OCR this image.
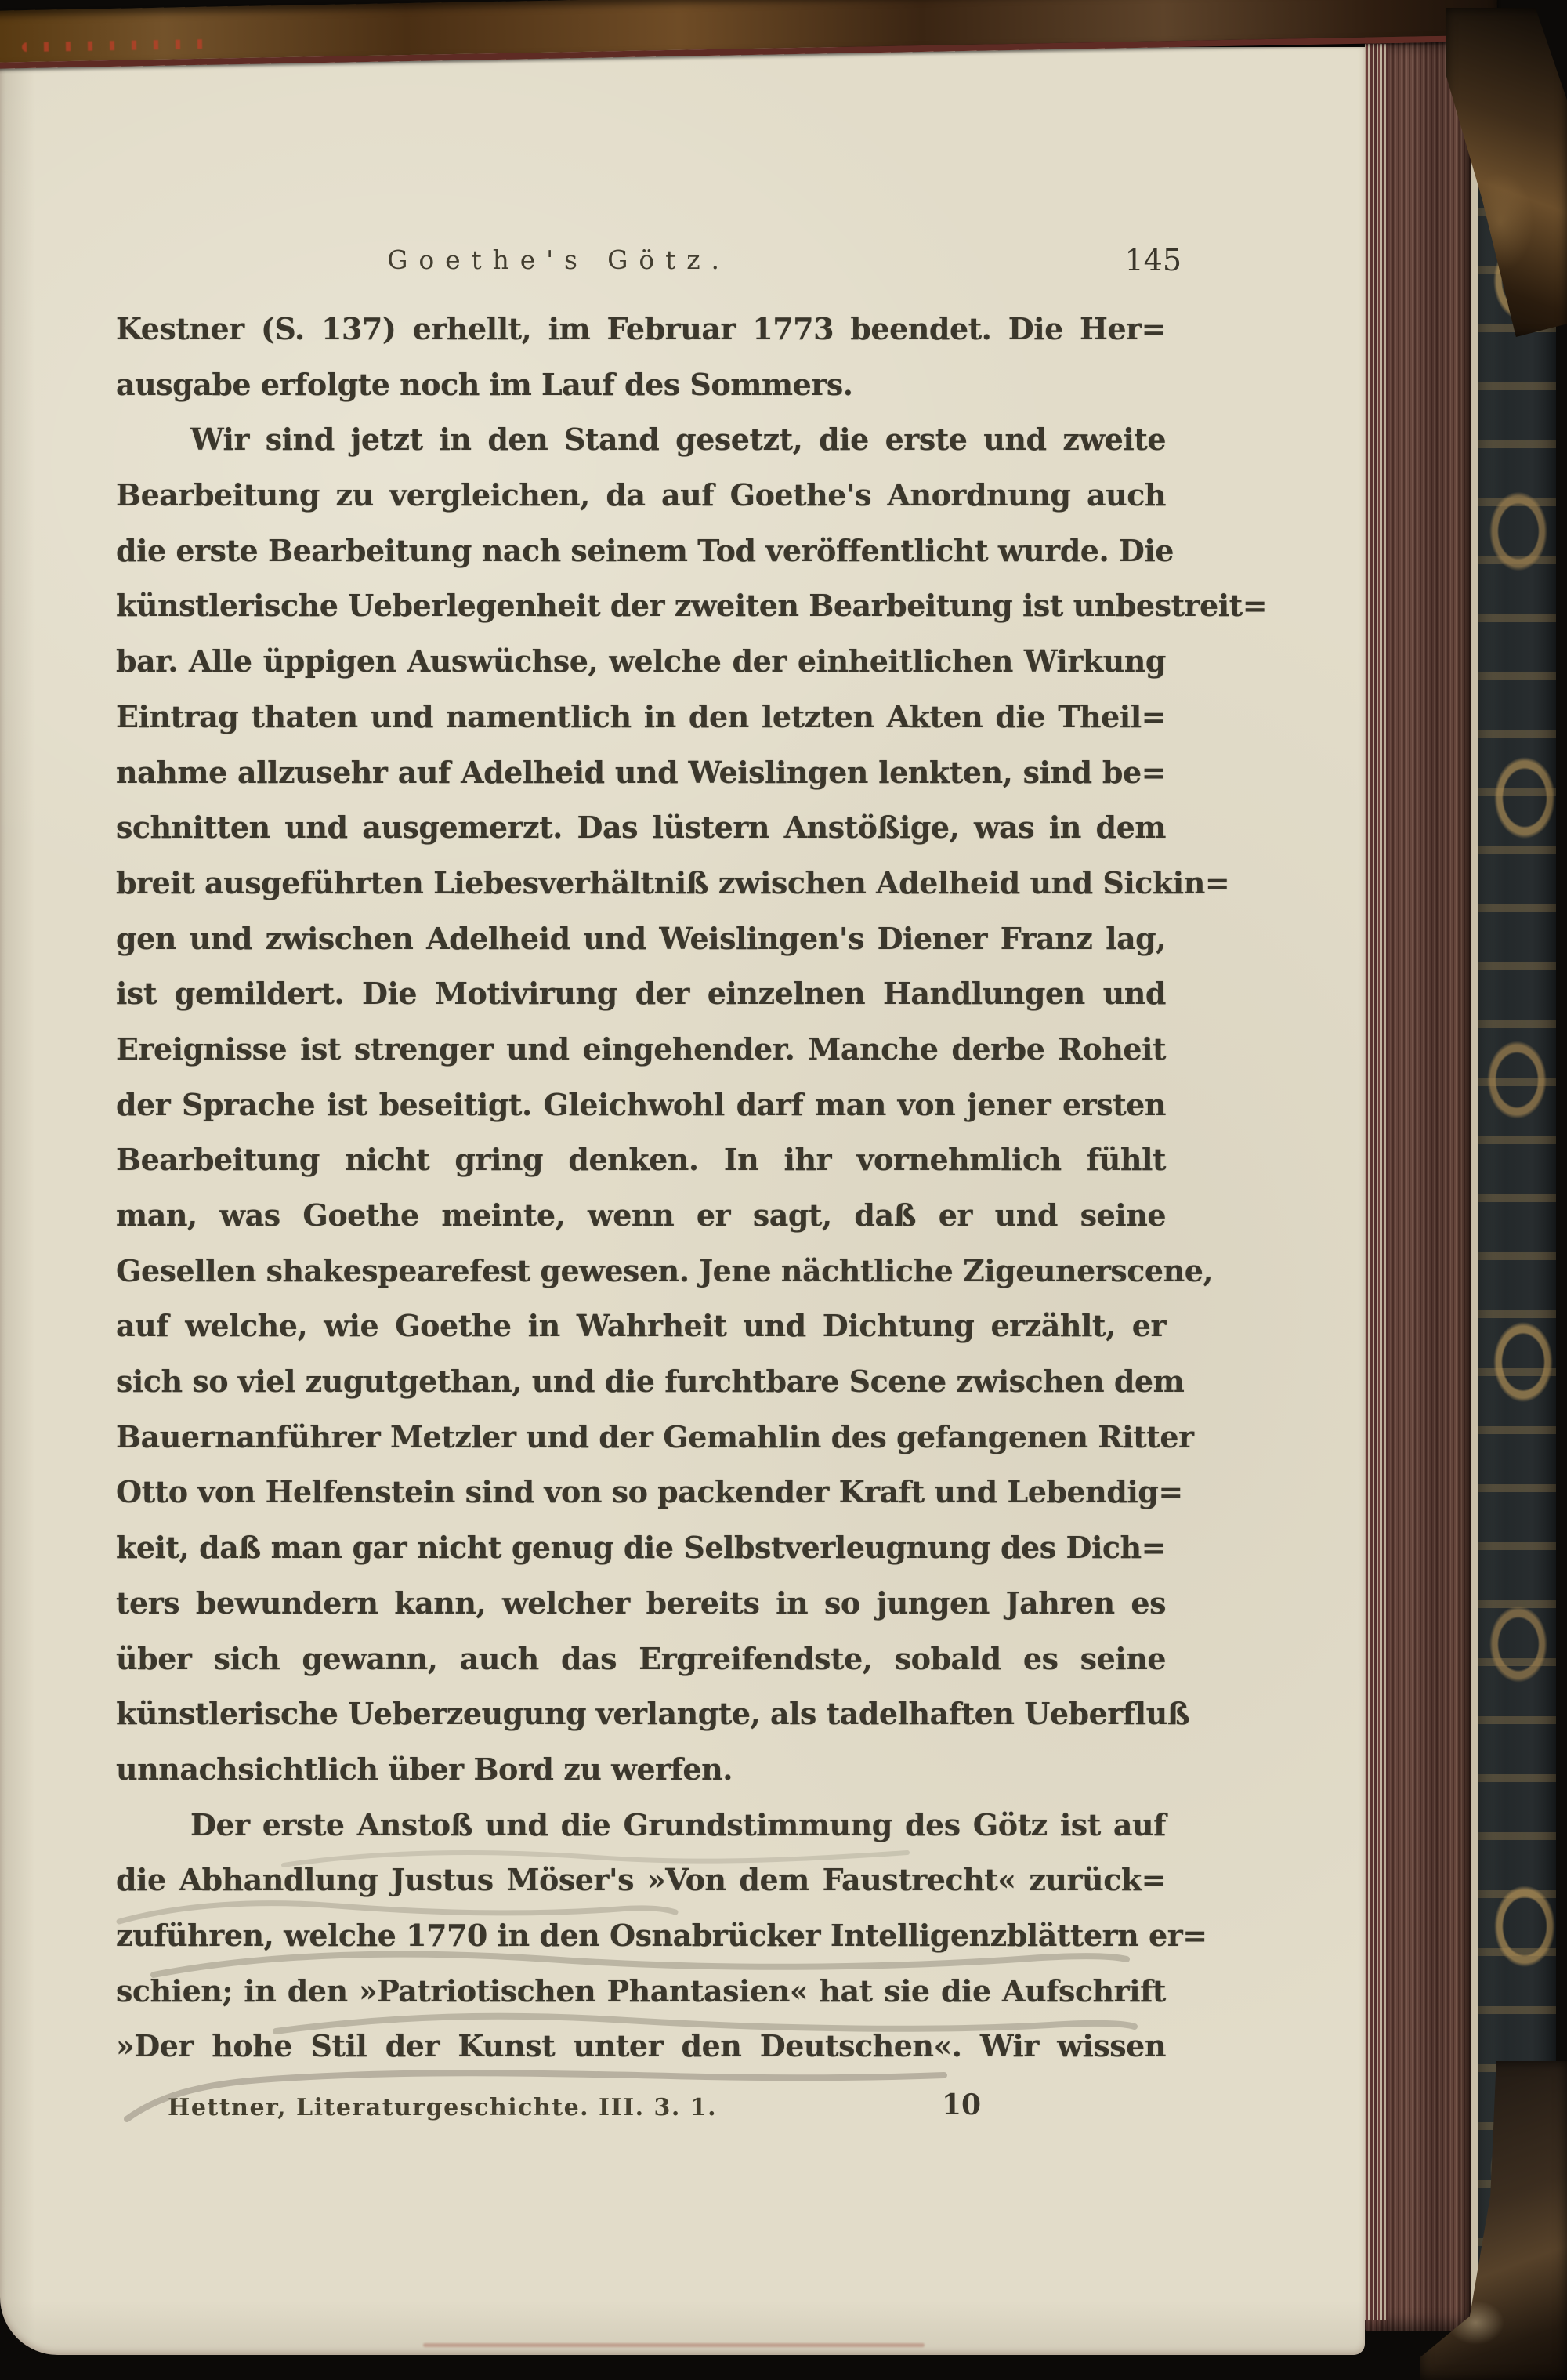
Goethe's Götz.	145
Kestner (S. 137) erhellt, im Februar 1773 beendet. Die Her=
ausgabe erfolgte noch im Lauf des Sommers.
Wir sind jetzt in den Stand gesetzt, die erste und zweite
Bearbeitung zu vergleichen, da auf Goethe's Anordnung auch
die erste Bearbeitung nach seinem Tod veröffentlicht wurde. Die
künstlerische Ueberlegenheit der zweiten Bearbeitung ist unbestreit=
bar. Alle üppigen Auswüchse, welche der einheitlichen Wirkung
Eintrag thaten und namentlich in den letzten Akten die Theil=
nahme allzusehr auf Adelheid und Weislingen lenkten, sind be=
schnitten und ausgemerzt. Das lüstern Anstößige, was in dem
breit ausgeführten Liebesverhältniß zwischen Adelheid und Sickin=
gen und zwischen Adelheid und Weislingen's Diener Franz lag,
ist gemildert. Die Motivirung der einzelnen Handlungen und
Ereignisse ist strenger und eingehender. Manche derbe Roheit
der Sprache ist beseitigt. Gleichwohl darf man von jener ersten
Bearbeitung nicht gring denken. In ihr vornehmlich fühlt
man, was Goethe meinte, wenn er sagt, daß er und seine
Gesellen shakespearefest gewesen. Jene nächtliche Zigeunerscene,
auf welche, wie Goethe in Wahrheit und Dichtung erzählt, er
sich so viel zugutgethan, und die furchtbare Scene zwischen dem
Bauernanführer Metzler und der Gemahlin des gefangenen Ritter
Otto von Helfenstein sind von so packender Kraft und Lebendig=
keit, daß man gar nicht genug die Selbstverleugnung des Dich=
ters bewundern kann, welcher bereits in so jungen Jahren es
über sich gewann, auch das Ergreifendste, sobald es seine
künstlerische Ueberzeugung verlangte, als tadelhaften Ueberfluß
unnachsichtlich über Bord zu werfen.
Der erste Anstoß und die Grundstimmung des Götz ist auf
die Abhandlung Justus Möser's »Von dem Faustrecht« zurück=
zuführen, welche 1770 in den Osnabrücker Intelligenzblättern er=
schien; in den »Patriotischen Phantasien« hat sie die Aufschrift
»Der hohe Stil der Kunst unter den Deutschen«. Wir wissen
Hettner, Literaturgeschichte. III. 3. 1.	10
